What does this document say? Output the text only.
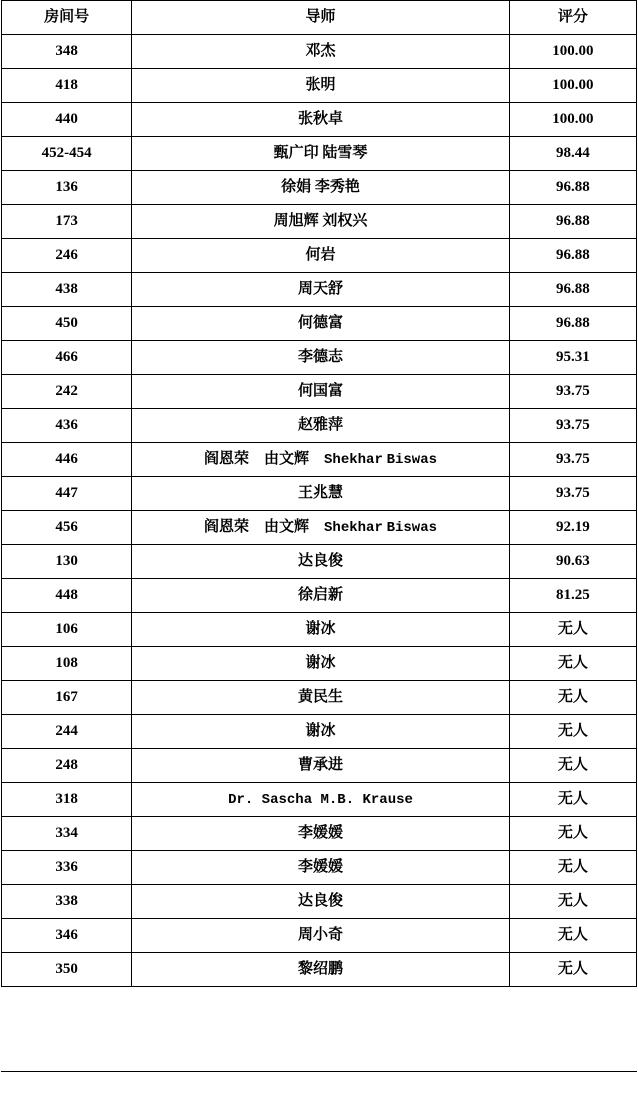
房间号	导师	评分
348	邓杰	100.00
418	张明	100.00
440	张秋卓	100.00
452-454	甄广印 陆雪琴	98.44
136	徐娟 李秀艳	96.88
173	周旭辉 刘权兴	96.88
246	何岩	96.88
438	周天舒	96.88
450	何德富	96.88
466	李德志	95.31
242	何国富	93.75
436	赵雅萍	93.75
446	阎恩荣　 由文辉　 Shekhar Biswas	93.75
447	王兆慧	93.75
456	阎恩荣　 由文辉　 Shekhar Biswas	92.19
130	达良俊	90.63
448	徐启新	81.25
106	谢冰	无人
108	谢冰	无人
167	黄民生	无人
244	谢冰	无人
248	曹承进	无人
318	Dr. Sascha M.B. Krause	无人
334	李媛媛	无人
336	李媛媛	无人
338	达良俊	无人
346	周小奇	无人
350	黎绍鹏	无人
